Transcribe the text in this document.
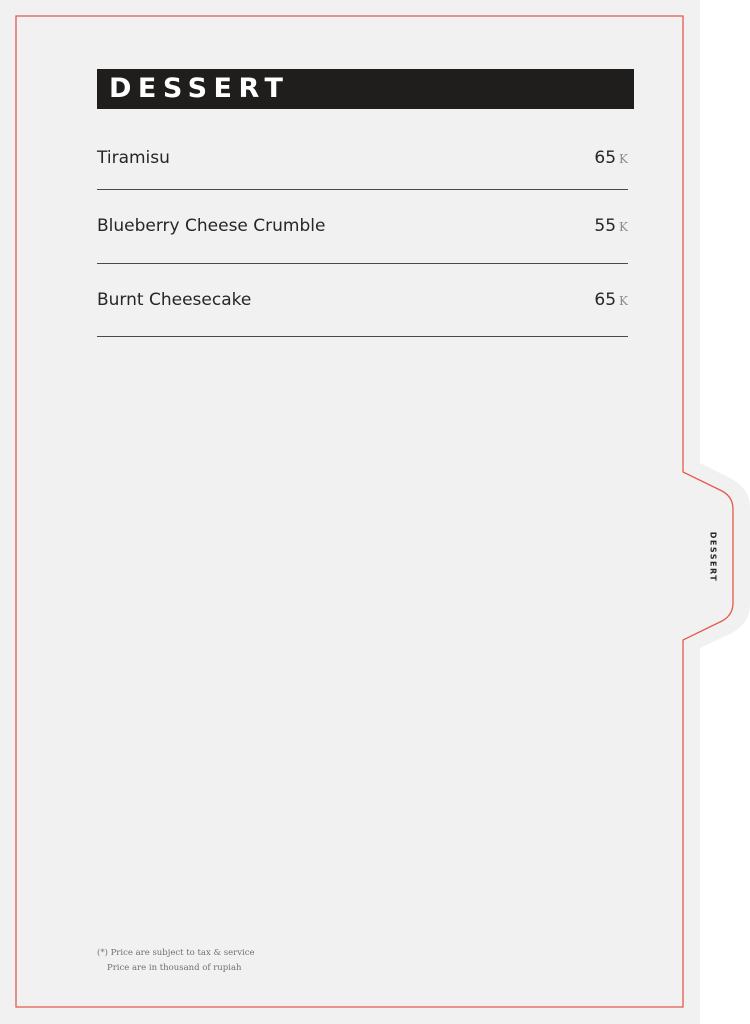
DESSERT
Tiramisu	65 K
Blueberry Cheese Crumble	55 K
Burnt Cheesecake	65 K
DESSERT
(*) Price are subject to tax & service
Price are in thousand of rupiah
